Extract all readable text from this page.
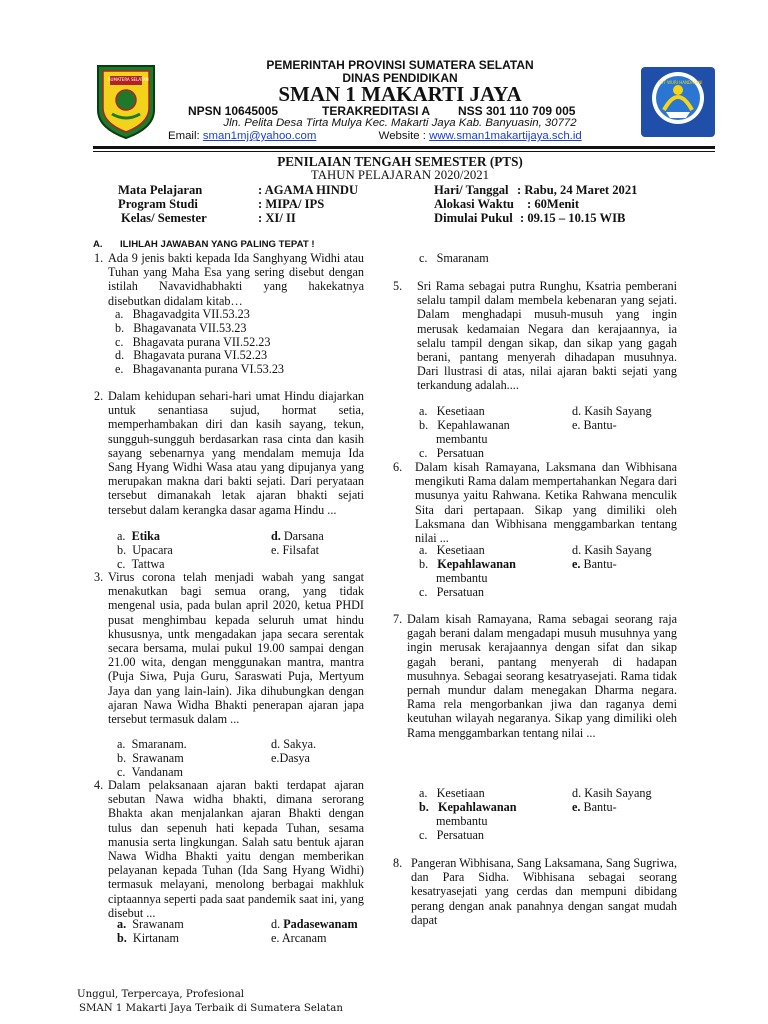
SUMATERA SELATAN
TUT WURI HANDAYANI
PEMERINTAH PROVINSI SUMATERA SELATAN
DINAS PENDIDIKAN
SMAN 1 MAKARTI JAYA
NPSN 10645005	TERAKREDITASI A NSS 301 110 709 005
Jln. Pelita Desa Tirta Mulya Kec. Makarti Jaya Kab. Banyuasin, 30772
Email: sman1mj@yahoo.com	Website : www.sman1makartijaya.sch.id
PENILAIAN TENGAH SEMESTER (PTS)
TAHUN PELAJARAN 2020/2021
Mata Pelajaran	: AGAMA HINDU
Program Studi	: MIPA/ IPS
Kelas/ Semester	: XI/ II
Hari/ Tanggal : Rabu, 24 Maret 2021
Alokasi Waktu : 60Menit
Dimulai Pukul : 09.15 – 10.15 WIB
A. ILIHLAH JAWABAN YANG PALING TEPAT !
1. Ada 9 jenis bakti kepada Ida Sanghyang Widhi atau Tuhan yang Maha Esa yang sering disebut dengan istilah Navavidhabhakti yang hakekatnya disebutkan didalam kitab…
a.   Bhagavadgita VII.53.23
b.   Bhagavanata VII.53.23
c.   Bhagavata purana VII.52.23
d.   Bhagavata purana VI.52.23
e.   Bhagavananta purana VI.53.23
2. Dalam kehidupan sehari-hari umat Hindu diajarkan untuk senantiasa sujud, hormat setia, memperhambakan diri dan kasih sayang, tekun, sungguh-sungguh berdasarkan rasa cinta dan kasih sayang sebenarnya yang mendalam memuja Ida Sang Hyang Widhi Wasa atau yang dipujanya yang merupakan makna dari bakti sejati. Dari peryataan tersebut dimanakah letak ajaran bhakti sejati tersebut dalam kerangka dasar agama Hindu ...
a.  Etika	d. Darsana
b.  Upacara	e. Filsafat
c.  Tattwa
3. Virus corona telah menjadi wabah yang sangat menakutkan bagi semua orang, yang tidak mengenal usia, pada bulan april 2020, ketua PHDI pusat menghimbau kepada seluruh umat hindu khususnya, untk mengadakan japa secara serentak secara bersama, mulai pukul 19.00 sampai dengan 21.00 wita, dengan menggunakan mantra, mantra (Puja Siwa, Puja Guru, Saraswati Puja, Mertyum Jaya dan yang lain-lain). Jika dihubungkan dengan ajaran Nawa Widha Bhakti penerapan ajaran japa tersebut termasuk dalam ...
a.  Smaranam.	d. Sakya.
b.  Srawanam	e.Dasya
c.  Vandanam
4. Dalam pelaksanaan ajaran bakti terdapat ajaran sebutan Nawa widha bhakti, dimana serorang Bhakta akan menjalankan ajaran Bhakti dengan tulus dan sepenuh hati kepada Tuhan, sesama manusia serta lingkungan. Salah satu bentuk ajaran Nawa Widha Bhakti yaitu dengan memberikan pelayanan kepada Tuhan (Ida Sang Hyang Widhi) termasuk melayani, menolong berbagai makhluk ciptaannya seperti pada saat pandemik saat ini, yang disebut ...
a. Srawanam	d. Padasewanam
b. Kirtanam	e. Arcanam
c.   Smaranam
5. Sri Rama sebagai putra Runghu, Ksatria pemberani selalu tampil dalam membela kebenaran yang sejati. Dalam menghadapi musuh-musuh yang ingin merusak kedamaian Negara dan kerajaannya, ia selalu tampil dengan sikap, dan sikap yang gagah berani, pantang menyerah dihadapan musuhnya. Dari llustrasi di atas, nilai ajaran bakti sejati yang terkandung adalah....
a.   Kesetiaan	d. Kasih Sayang
b.   Kepahlawanan	e. Bantu-
membantu
c.   Persatuan
6. Dalam kisah Ramayana, Laksmana dan Wibhisana mengikuti Rama dalam mempertahankan Negara dari musunya yaitu Rahwana. Ketika Rahwana menculik Sita dari pertapaan. Sikap yang dimiliki oleh Laksmana dan Wibhisana menggambarkan tentang nilai ...
a.   Kesetiaan	d. Kasih Sayang
b.   Kepahlawanan	e. Bantu-
membantu
c.   Persatuan
7. Dalam kisah Ramayana, Rama sebagai seorang raja gagah berani dalam mengadapi musuh musuhnya yang ingin merusak kerajaannya dengan sifat dan sikap gagah berani, pantang menyerah di hadapan musuhnya. Sebagai seorang kesatryasejati. Rama tidak pernah mundur dalam menegakan Dharma negara. Rama rela mengorbankan jiwa dan raganya demi keutuhan wilayah negaranya. Sikap yang dimiliki oleh Rama menggambarkan tentang nilai ...
a.   Kesetiaan	d. Kasih Sayang
b. Kepahlawanan	e. Bantu-
membantu
c.   Persatuan
8. Pangeran Wibhisana, Sang Laksamana, Sang Sugriwa, dan Para Sidha. Wibhisana sebagai seorang kesatryasejati yang cerdas dan mempuni dibidang perang dengan anak panahnya dengan sangat mudah dapat
Unggul, Terpercaya, Profesional
SMAN 1 Makarti Jaya Terbaik di Sumatera Selatan
